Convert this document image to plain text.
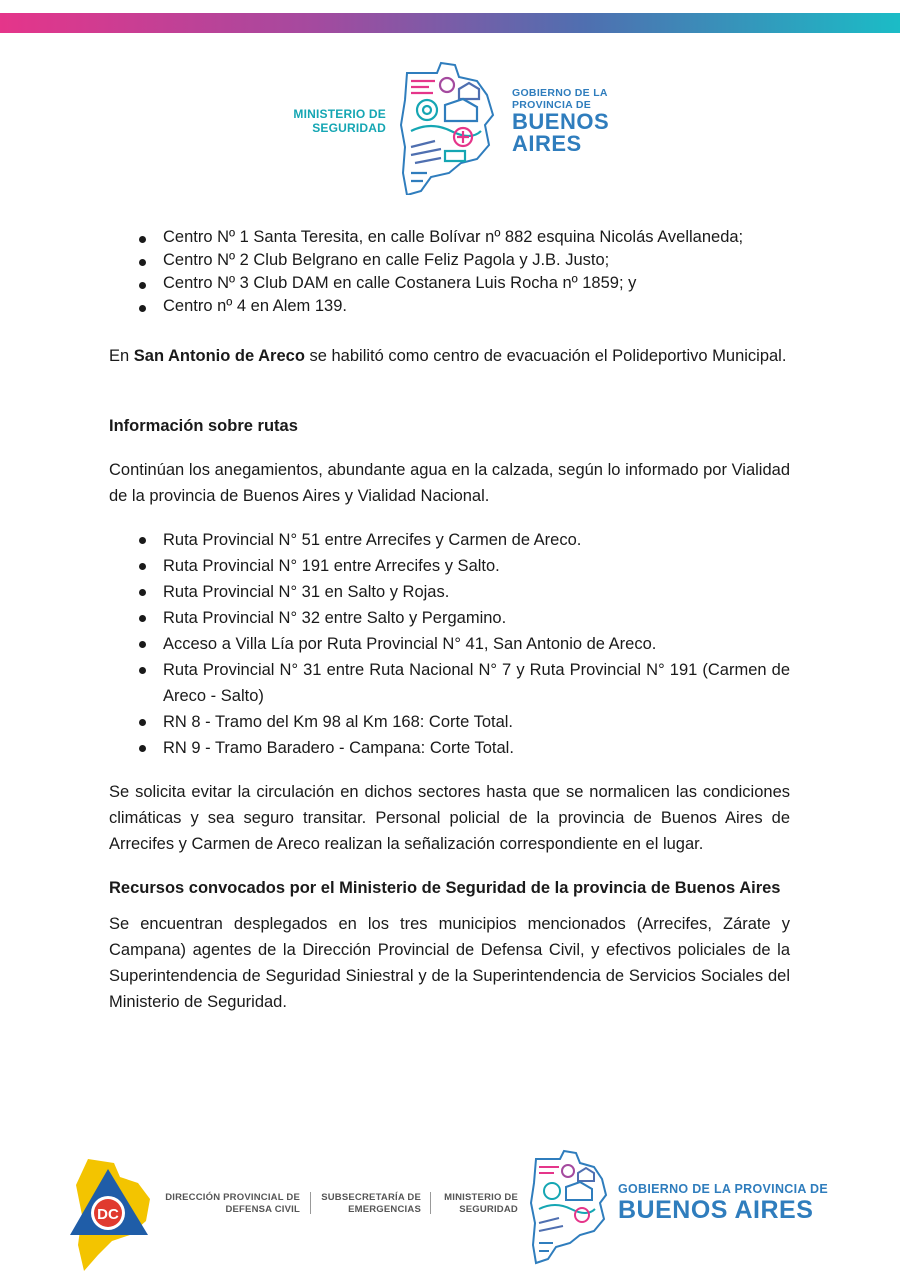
MINISTERIO DE
SEGURIDAD
GOBIERNO DE LA
PROVINCIA DE
BUENOS
AIRES
Centro Nº 1 Santa Teresita, en calle Bolívar nº 882 esquina Nicolás Avellaneda;
Centro Nº 2 Club Belgrano en calle Feliz Pagola y J.B. Justo;
Centro Nº 3 Club DAM en calle Costanera Luis Rocha nº 1859; y
Centro nº 4 en Alem 139.

En San Antonio de Areco se habilitó como centro de evacuación el Polideportivo Municipal.

Información sobre rutas

Continúan los anegamientos, abundante agua en la calzada, según lo informado por Vialidad de la provincia de Buenos Aires y Vialidad Nacional.

Ruta Provincial N° 51 entre Arrecifes y Carmen de Areco.
Ruta Provincial N° 191 entre Arrecifes y Salto.
Ruta Provincial N° 31 en Salto y Rojas.
Ruta Provincial N° 32 entre Salto y Pergamino.
Acceso a Villa Lía por Ruta Provincial N° 41, San Antonio de Areco.
Ruta Provincial N° 31 entre Ruta Nacional N° 7 y Ruta Provincial N° 191 (Carmen de Areco - Salto)
RN 8 - Tramo del Km 98 al Km 168: Corte Total.
RN 9 - Tramo Baradero - Campana: Corte Total.

Se solicita evitar la circulación en dichos sectores hasta que se normalicen las condiciones climáticas y sea seguro transitar. Personal policial de la provincia de Buenos Aires de Arrecifes y Carmen de Areco realizan la señalización correspondiente en el lugar.

Recursos convocados por el Ministerio de Seguridad de la provincia de Buenos Aires

Se encuentran desplegados en los tres municipios mencionados (Arrecifes, Zárate y Campana) agentes de la Dirección Provincial de Defensa Civil, y efectivos policiales de la Superintendencia de Seguridad Siniestral y de la Superintendencia de Servicios Sociales del Ministerio de Seguridad.

DC
DIRECCIÓN PROVINCIAL DE
DEFENSA CIVIL
SUBSECRETARÍA DE
EMERGENCIAS
MINISTERIO DE
SEGURIDAD
GOBIERNO DE LA PROVINCIA DE
BUENOS AIRES
